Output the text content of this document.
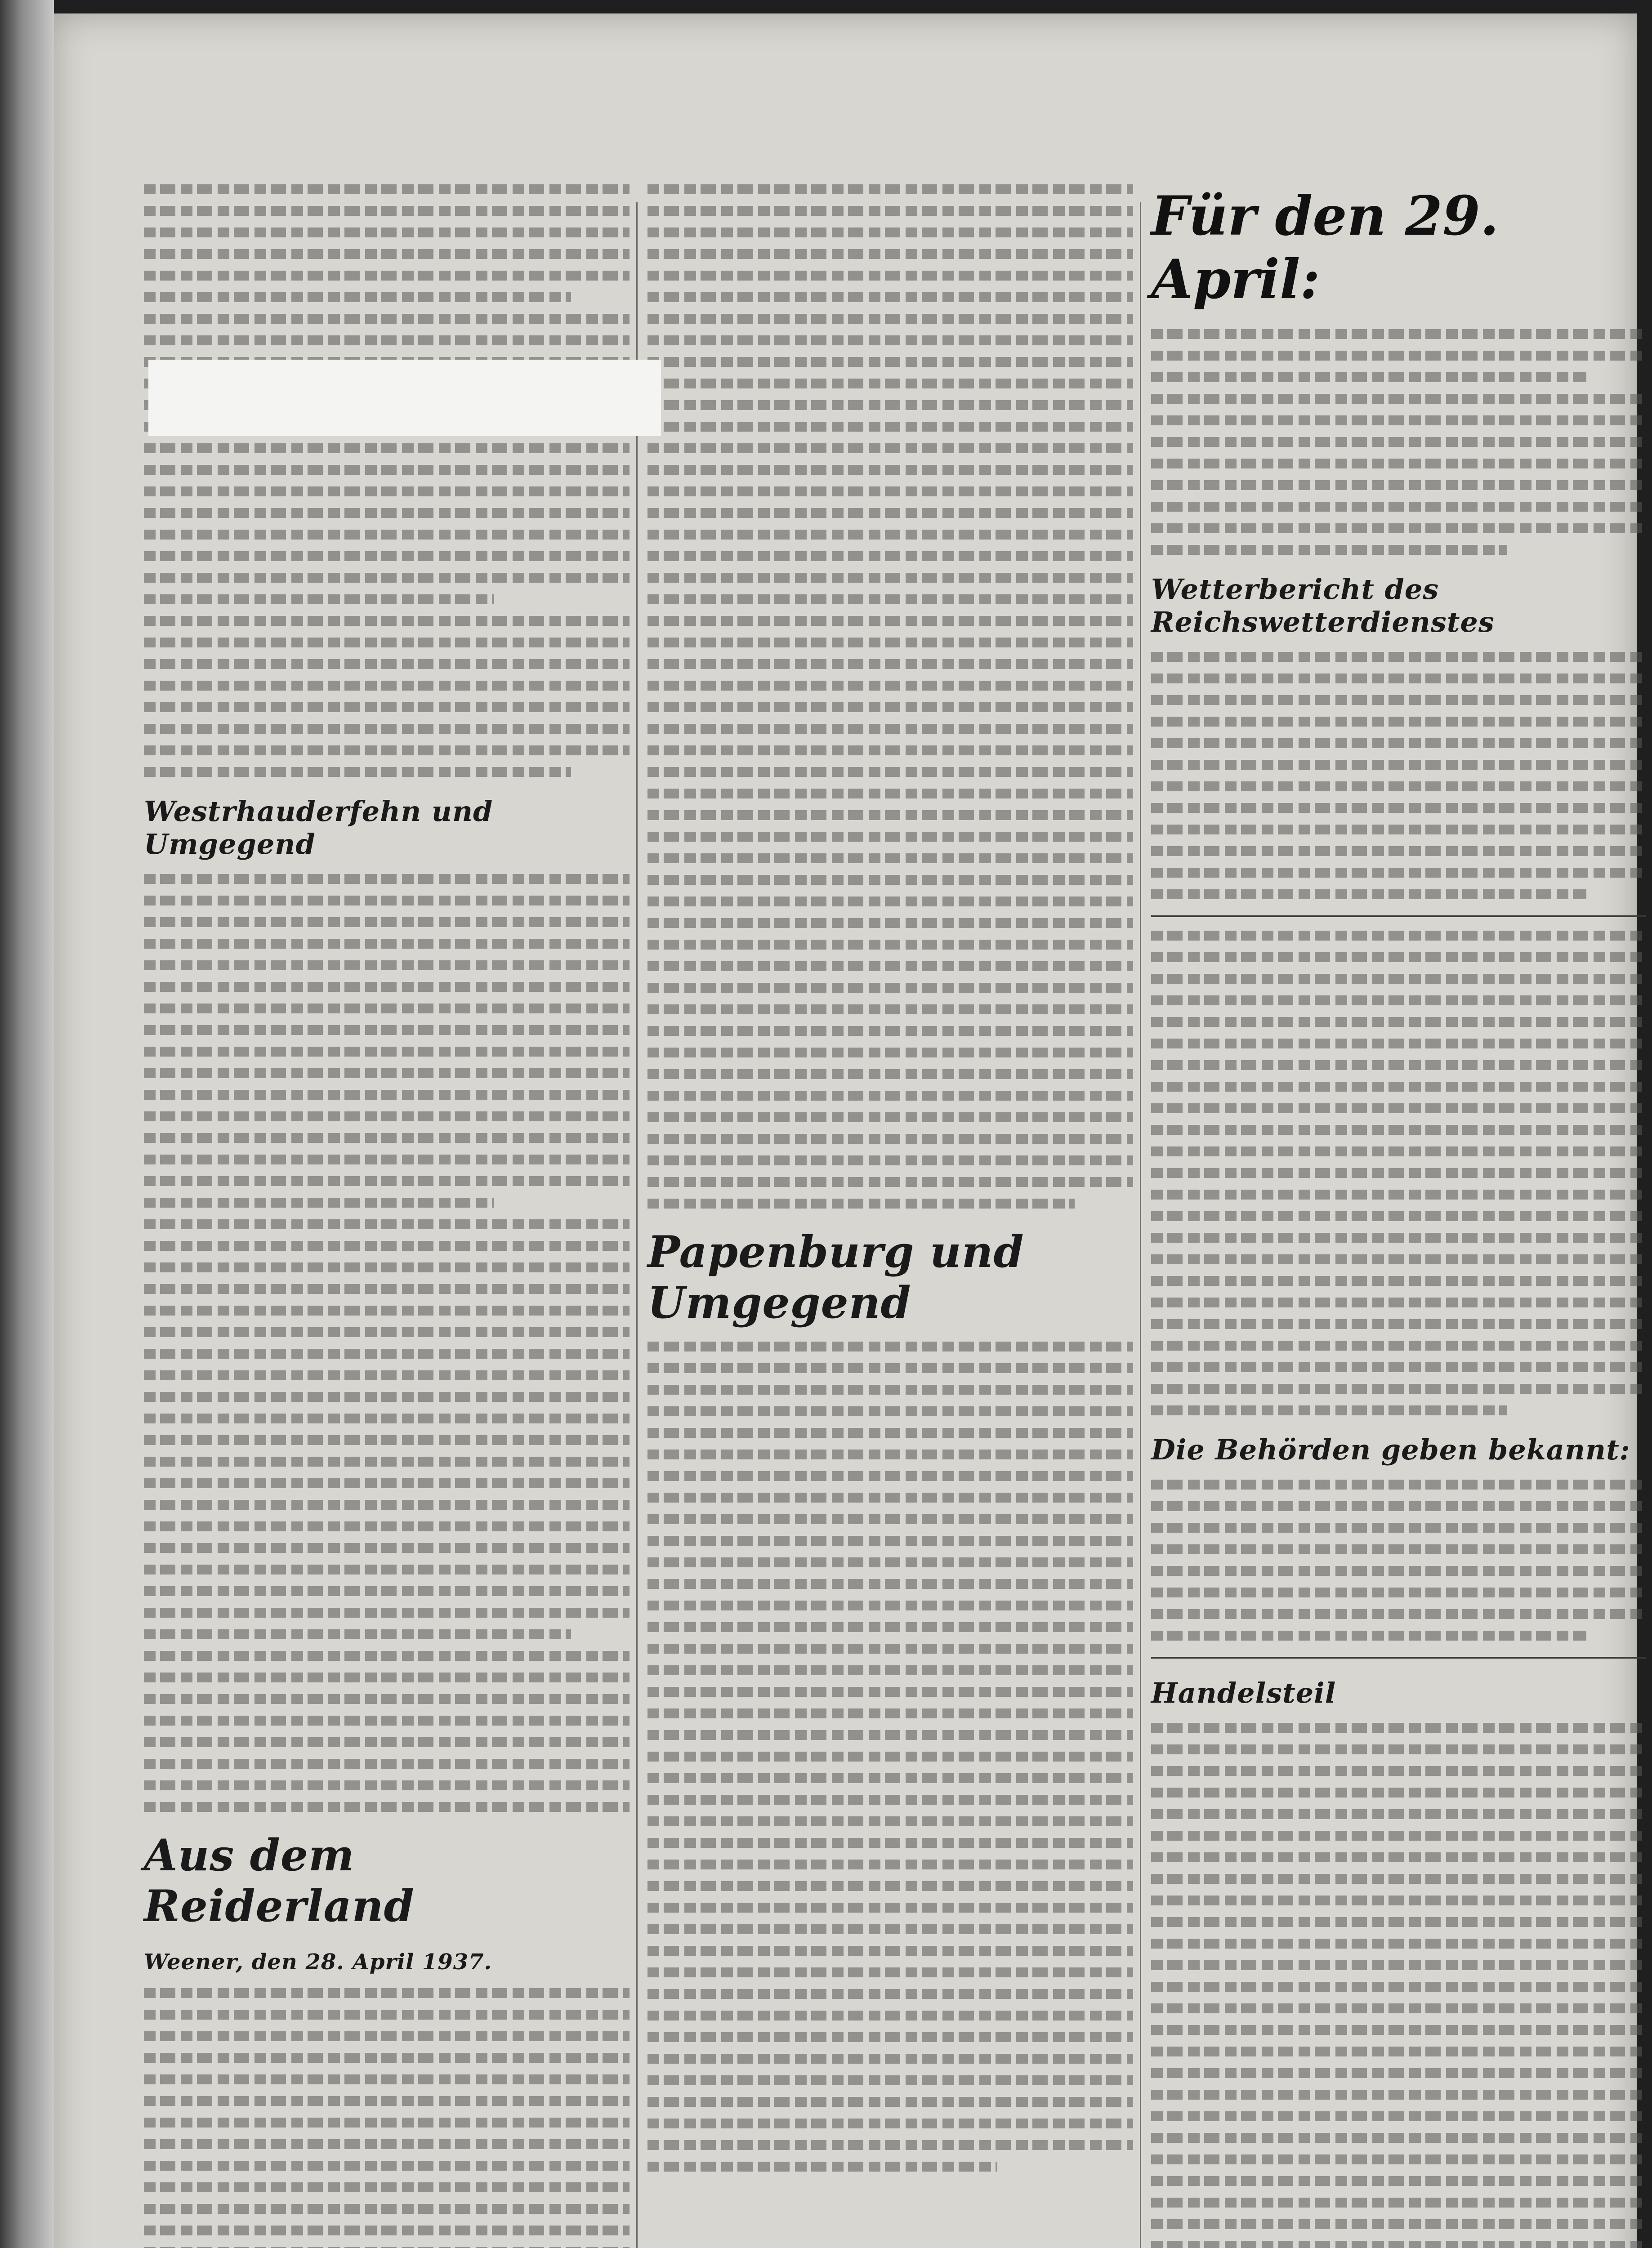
Westrhauderfehn und Umgegend
Aus dem Reiderland
Weener, den 28. April 1937.
Papenburg und Umgegend
Für den 29. April:
Wetterbericht des Reichswetterdienstes
Die Behörden geben bekannt:
Handelsteil
